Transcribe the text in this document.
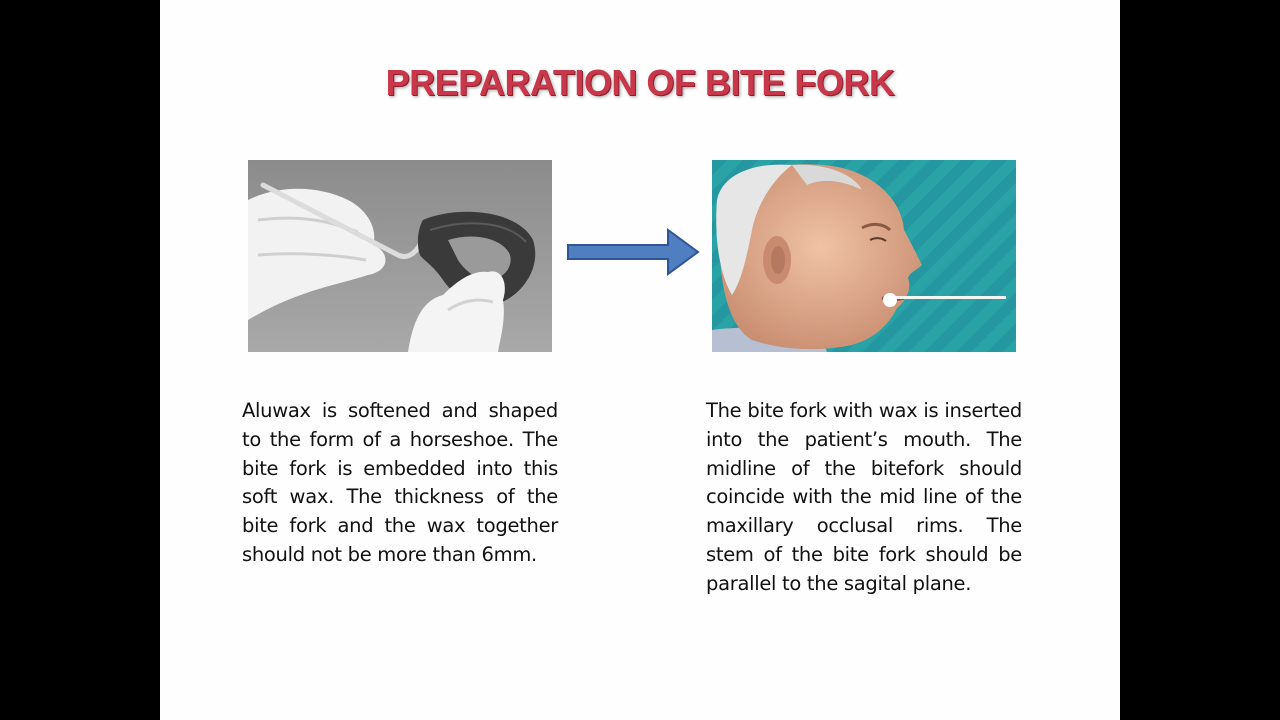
PREPARATION OF BITE FORK

Aluwax is softened and shaped to the form of a horseshoe. The bite fork is embedded into this soft wax. The thickness of the bite fork and the wax together should not be more than 6mm.

The bite fork with wax is inserted into the patient’s mouth. The midline of the bitefork should coincide with the mid line of the maxillary occlusal rims. The stem of the bite fork should be parallel to the sagital plane.
